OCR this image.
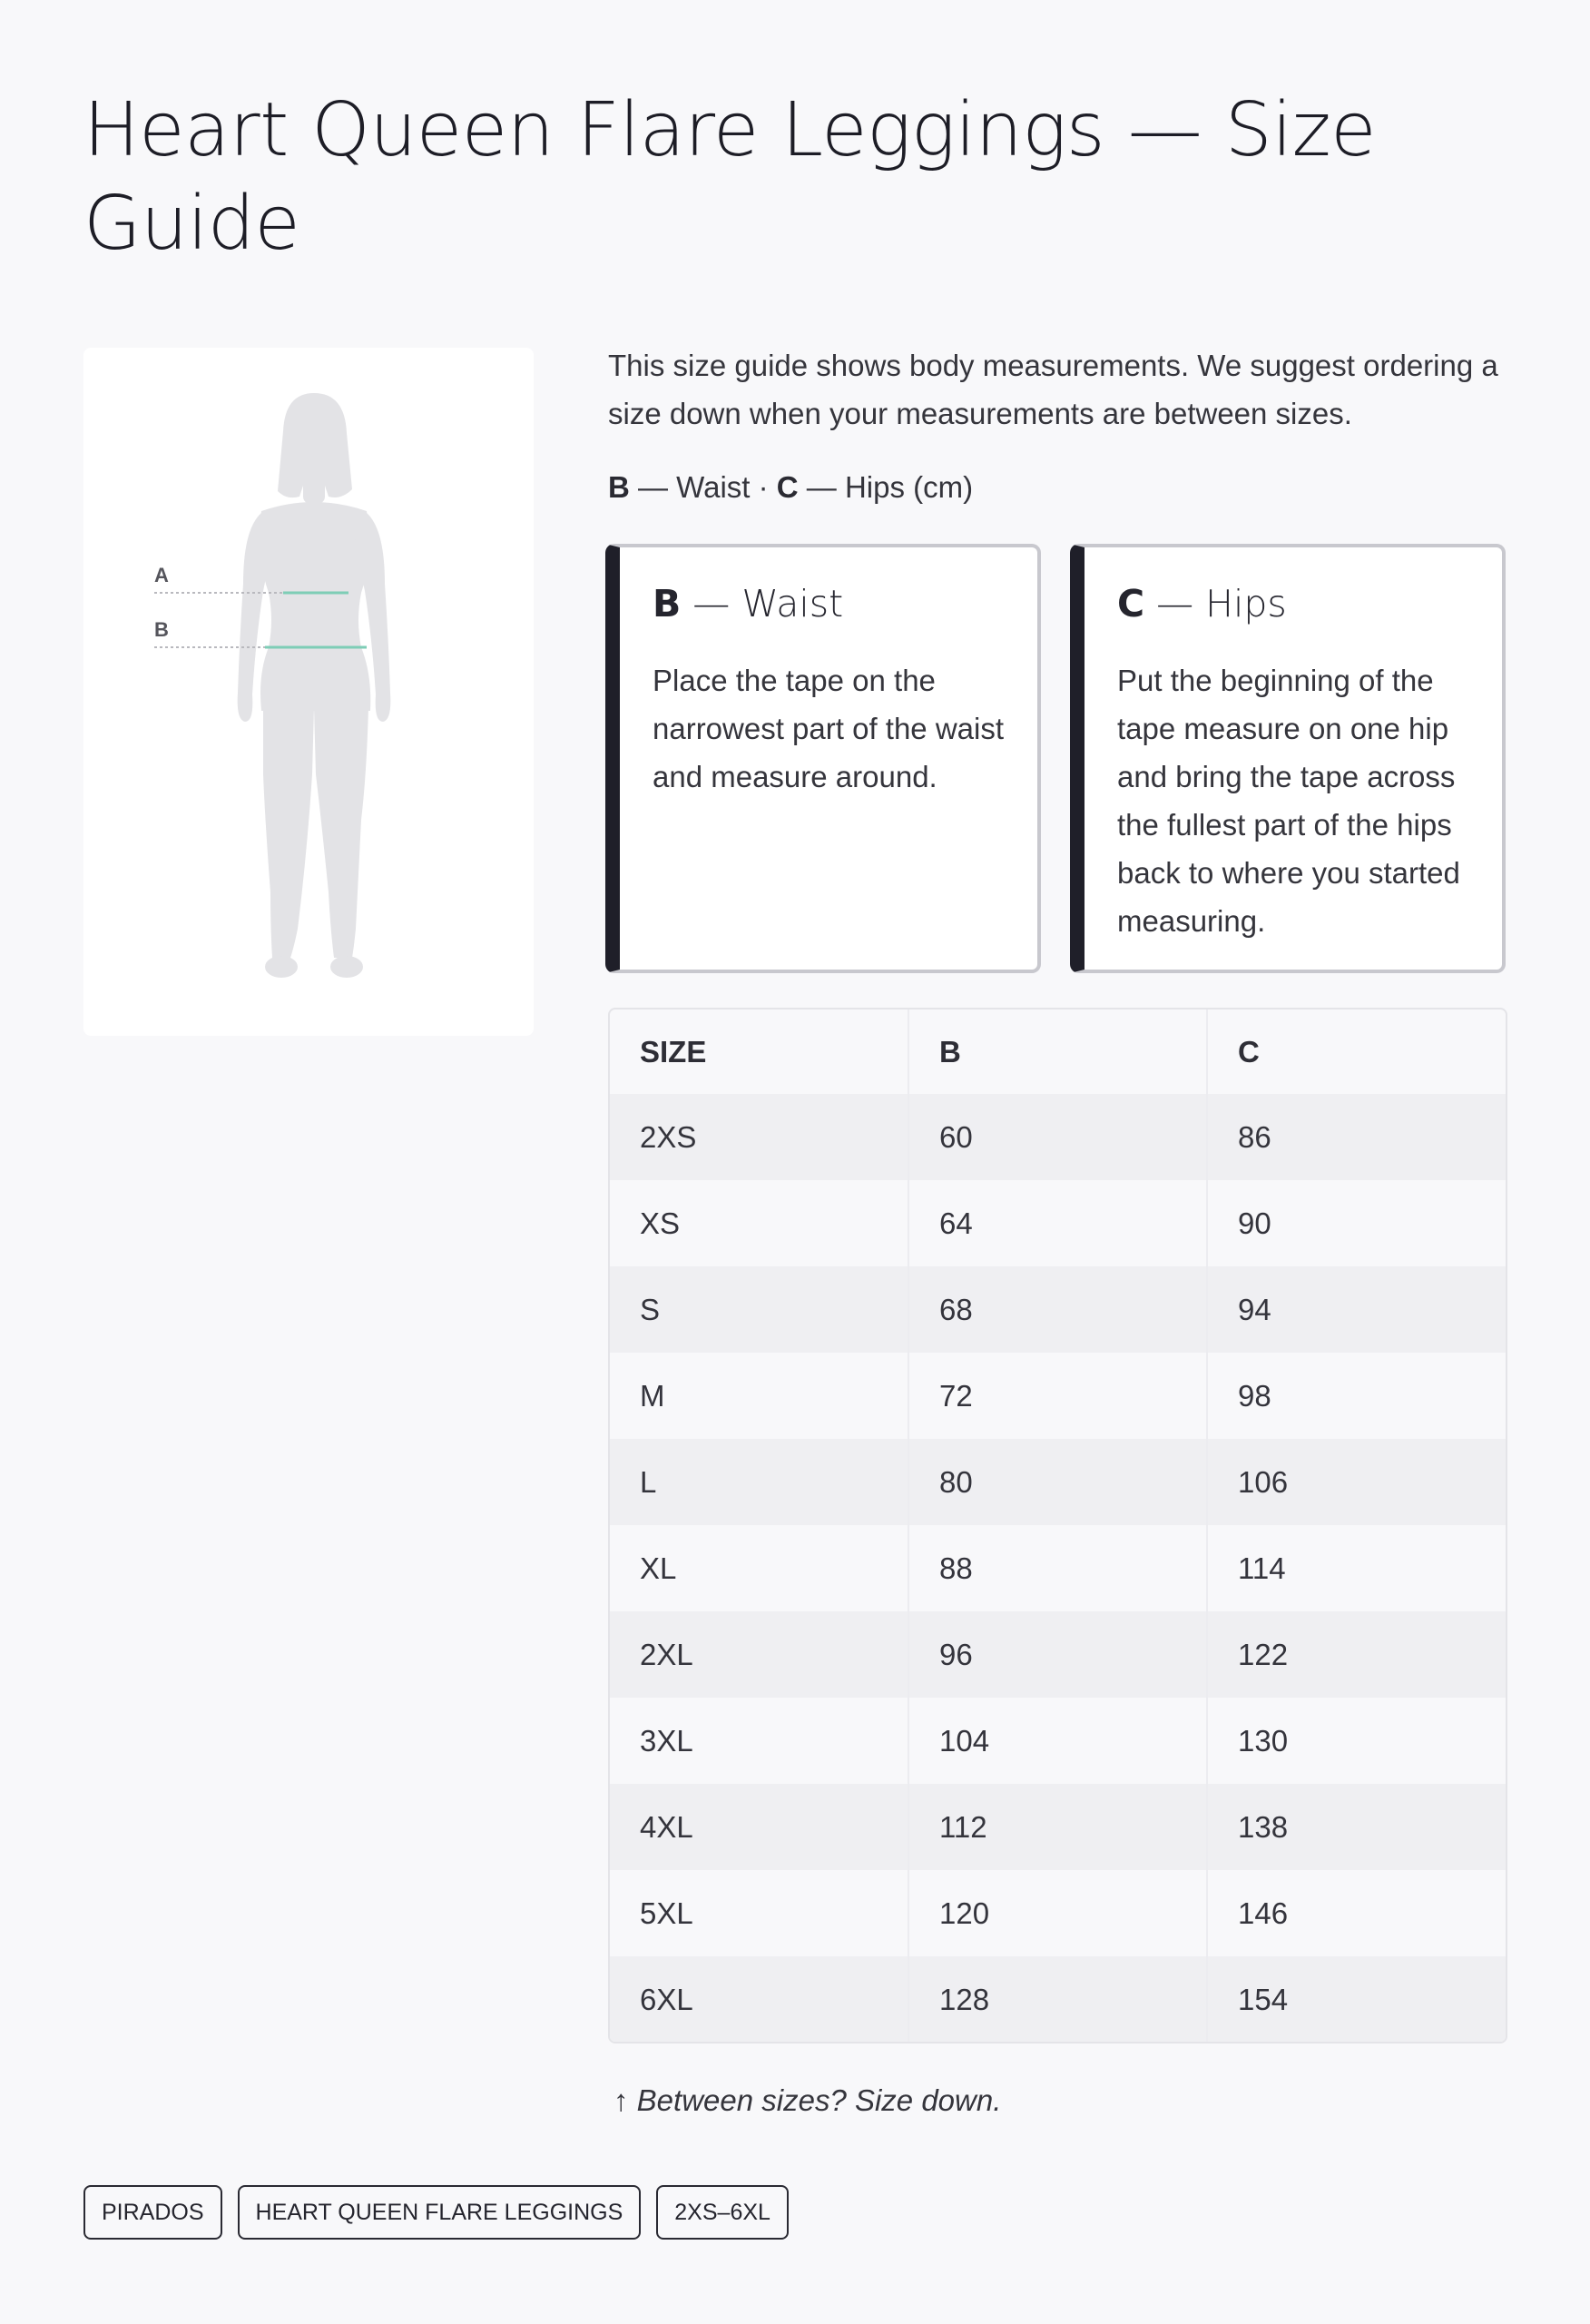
Heart Queen Flare Leggings — Size Guide
A
B

This size guide shows body measurements. We suggest ordering a size down when your measurements are between sizes.

B — Waist · C — Hips (cm)

B — Waist

Place the tape on the narrowest part of the waist and measure around.

C — Hips

Put the beginning of the tape measure on one hip and bring the tape across the fullest part of the hips back to where you started measuring.

SIZE	B	C
2XS	60	86
XS	64	90
S	68	94
M	72	98
L	80	106
XL	88	114
2XL	96	122
3XL	104	130
4XL	112	138
5XL	120	146
6XL	128	154

↑ Between sizes? Size down.

PIRADOS	HEART QUEEN FLARE LEGGINGS	2XS–6XL
